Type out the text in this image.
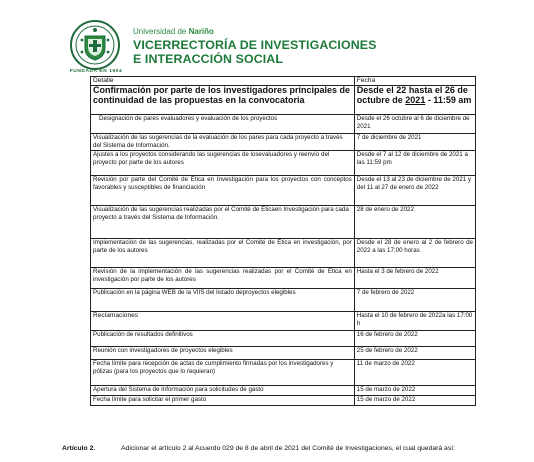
FUNDADA EN 1904
Universidad de Nariño
VICERRECTORÍA DE INVESTIGACIONES
E INTERACCIÓN SOCIAL
Detalle	Fecha
Confirmación por parte de los investigadores principales de continuidad de las propuestas en la convocatoria	Desde el 22 hasta el 26 de octubre de 2021 - 11:59 am
Designación de pares evaluadores y evaluación de los proyectos	Desde el 26 octubre al 6 de diciembre de 2021
Visualización de las sugerencias de la evaluación de los pares para cada proyecto a través del Sistema de Información.	7 de diciembre de 2021
Ajustes a los proyectos considerando las sugerencias de losevaluadores y reenvío del proyecto por parte de los autores	Desde el 7 al 12 de diciembre de 2021 a las 11:59 pm
Revisión por parte del Comité de Ética en Investigación para los proyectos con conceptos favorables y susceptibles de financiación	Desde el 13 al 23 de diciembre de 2021 y del 11 al 27 de enero de 2022
Visualización de las sugerencias realizadas por el Comité de Éticaen Investigación para cada proyecto a través del Sistema de Información.	28 de enero de 2022
Implementación de las sugerencias, realizadas por el Comité de Ética en investigación, por parte de los autores	Desde el 28 de enero al 2 de febrero de 2022 a las 17:00 horas
Revisión de la implementación de las sugerencias realizadas por el Comité de Ética en investigación por parte de los autores	Hasta el 3 de febrero de 2022
Publicación en la página WEB de la VIIS del listado deproyectos elegibles	7 de febrero de 2022
Reclamaciones	Hasta el 10 de febrero de 2022a las 17:00 h
Publicación de resultados definitivos	16 de febrero de 2022
Reunión con investigadores de proyectos elegibles	25 de febrero de 2022
Fecha límite para recepción de actas de cumplimiento firmadas por los investigadores y pólizas (para los proyectos que lo requieran)	11 de marzo de 2022
Apertura del Sistema de Información para solicitudes de gasto	15 de marzo de 2022
Fecha límite para solicitar el primer gasto	15 de marzo de 2022
Artículo 2.	Adicionar el artículo 2 al Acuerdo 029 de 8 de abril de 2021 del Comité de Investigaciones, el cual quedará así:
